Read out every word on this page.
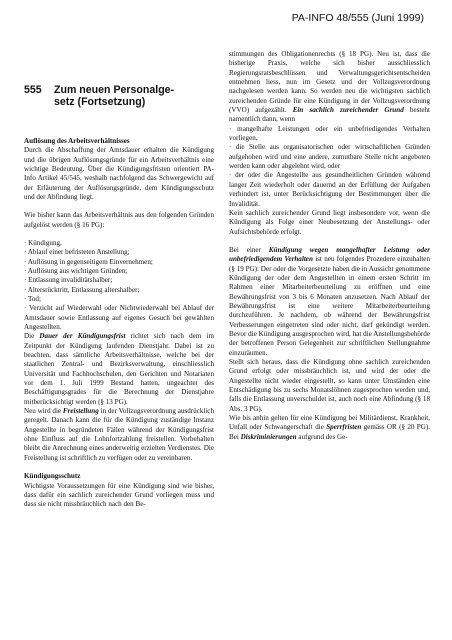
PA-INFO 48/555 (Juni 1999)
555 Zum neuen Personalge-
setz (Fortsetzung)

Auflösung des Arbeitsverhältnisses

Durch die Abschaffung der Amtsdauer erhalten die Kündigung und die übrigen Auflösungsgründe für ein Arbeitsverhältnis eine wichtige Bedeutung. Über die Kündigungsfristen orientiert PA-Info Artikel 45/545, weshalb nachfolgend das Schwergewicht auf der Erläuterung der Auflösungsgründe, dem Kündigungsschutz und der Abfindung liegt.

Wie bisher kann das Arbeitsverhältnis aus den folgenden Gründen aufgelöst werden (§ 16 PG):

· Kündigung,

· Ablauf einer befristeten Anstellung;

· Auflösung in gegenseitigem Einvernehmen;

· Auflösung aus wichtigen Gründen;

· Entlassung invaliditätshalber;

· Altersrücktritt, Entlassung altershalber;

· Tod;

· Verzicht auf Wiederwahl oder Nichtwiederwahl bei Ablauf der Amtsdauer sowie Entlassung auf eigenes Gesuch bei gewählten Angestellten.

Die Dauer der Kündigungsfrist richtet sich nach dem im Zeitpunkt der Kündigung laufenden Dienstjahr. Dabei ist zu beachten, dass sämtliche Arbeitsverhältnisse, welche bei der staatlichen Zentral- und Bezirksverwaltung, einschliesslich Universität und Fachhochschulen, den Gerichten und Notariaten vor dem 1. Juli 1999 Bestand hatten, ungeachtet des Beschäftigungsgrades für die Berechnung der Dienstjahre mitberücksichtigt werden (§ 13 PG).

Neu wird die Freistellung in der Vollzugsverordnung ausdrücklich geregelt. Danach kann die für die Kündigung zuständige Instanz Angestellte in begründeten Fällen während der Kündigungsfrist ohne Einfluss auf die Lohnfortzahlung freistellen. Vorbehalten bleibt die Anrechnung eines anderweitig erzielten Verdienstes. Die Freistellung ist schriftlich zu verfügen oder zu vereinbaren.

Kündigungsschutz

Wichtigste Voraussetzungen für eine Kündigung sind wie bisher, dass dafür ein sachlich zureichender Grund vorliegen muss und dass sie nicht missbräuchlich nach den Be-

stimmungen des Obligationenrechts (§ 18 PG). Neu ist, dass die bisherige Praxis, welche sich bisher ausschliesslich Regierungsratsbeschlüssen und Verwaltungsgerichtsentscheiden entnehmen liess, nun im Gesetz und der Vollzugsverordnung nachgelesen werden kann. So werden neu die wichtigsten sachlich zureichenden Gründe für eine Kündigung in der Vollzugsverordnung (VVO) aufgezählt. Ein sachlich zureichender Grund besteht namentlich dann, wenn

· mangelhafte Leistungen oder ein unbefriedigendes Verhalten vorliegen,

· die Stelle aus organisatorischen oder wirtschaftlichen Gründen aufgehoben wird und eine andere, zumutbare Stelle nicht angeboten werden kann oder abgelehnt wird, oder

· der oder die Angestellte aus gesundheitlichen Gründen während langer Zeit wiederholt oder dauernd an der Erfüllung der Aufgaben verhindert ist, unter Berücksichtigung der Bestimmungen über die Invalidität.

Kein sachlich zureichender Grund liegt insbesondere vor, wenn die Kündigung als Folge einer Neubesetzung der Anstellungs- oder Aufsichtsbehörde erfolgt.

Bei einer Kündigung wegen mangelhafter Leistung oder unbefriedigendem Verhalten ist neu folgendes Prozedere einzuhalten (§ 19 PG): Der oder die Vorgesetzte haben die in Aussicht genommene Kündigung der oder dem Angestellten in einem ersten Schritt im Rahmen einer Mitarbeiterbeurteilung zu eröffnen und eine Bewährungsfrist von 3 bis 6 Monaten anzusetzen. Nach Ablauf der Bewährungsfrist ist eine weitere Mitarbeiterbeurteilung durchzuführen. Je nachdem, ob während der Bewährungsfrist Verbesserungen eingetreten sind oder nicht, darf gekündigt werden. Bevor die Kündigung ausgesprochen wird, hat die Anstellungsbehörde der betroffenen Person Gelegenheit zur schriftlichen Stellungnahme einzuräumen.

Stellt sich heraus, dass die Kündigung ohne sachlich zureichenden Grund erfolgt oder missbräuchlich ist, und wird der oder die Angestellte nicht wieder eingestellt, so kann unter Umständen eine Entschädigung bis zu sechs Monatslöhnen zugesprochen werden und, falls die Entlassung unverschuldet ist, auch noch eine Abfindung (§ 18 Abs. 3 PG).

Wie bis anhin gelten für eine Kündigung bei Militärdienst, Krankheit, Unfall oder Schwangerschaft die Sperrfristen gemäss OR (§ 20 PG). Bei Diskriminierungen aufgrund des Ge-
